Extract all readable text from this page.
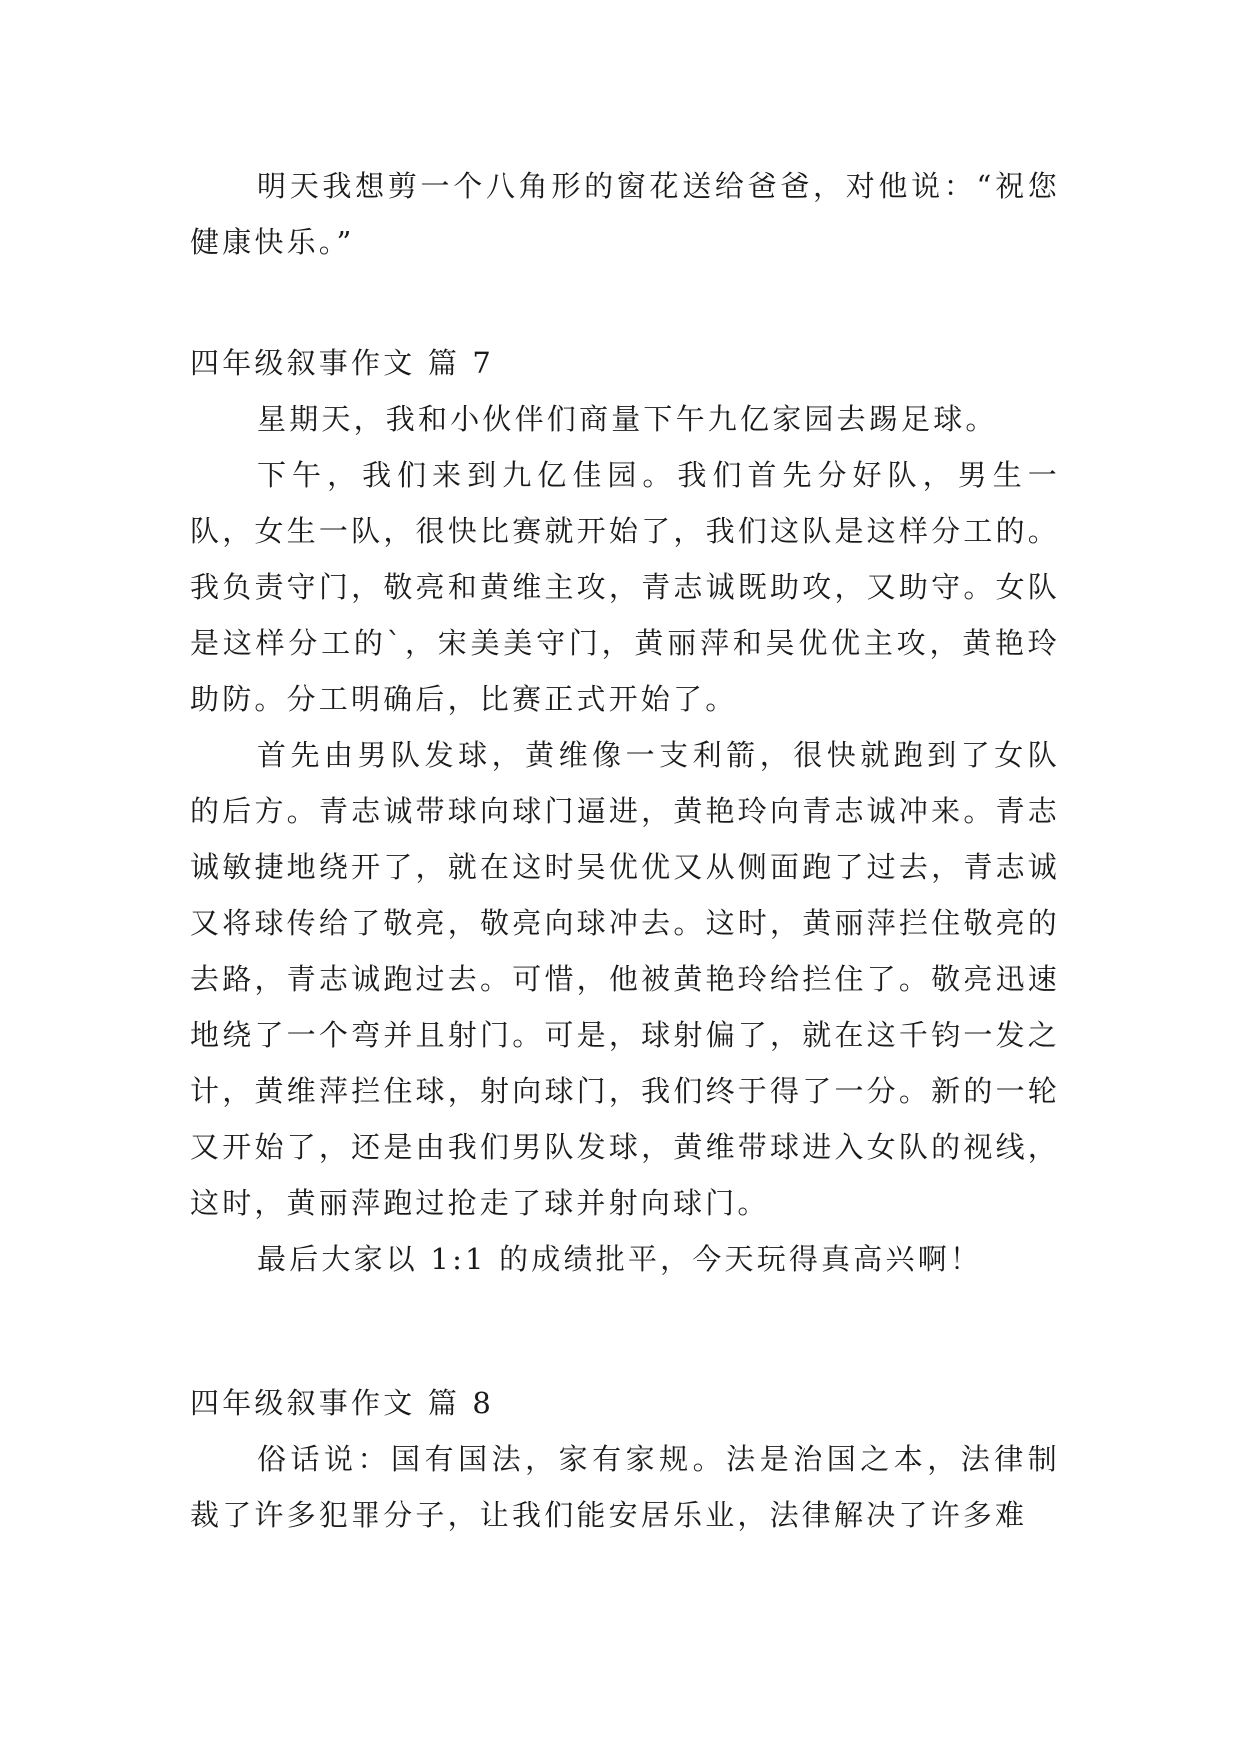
明天我想剪一个八角形的窗花送给爸爸，对他说：“祝您健康快乐。”

四年级叙事作文 篇 7

星期天，我和小伙伴们商量下午九亿家园去踢足球。

下午，我们来到九亿佳园。我们首先分好队，男生一队，女生一队，很快比赛就开始了，我们这队是这样分工的。我负责守门，敬亮和黄维主攻，青志诚既助攻，又助守。女队是这样分工的`，宋美美守门，黄丽萍和吴优优主攻，黄艳玲助防。分工明确后，比赛正式开始了。

首先由男队发球，黄维像一支利箭，很快就跑到了女队的后方。青志诚带球向球门逼进，黄艳玲向青志诚冲来。青志诚敏捷地绕开了，就在这时吴优优又从侧面跑了过去，青志诚又将球传给了敬亮，敬亮向球冲去。这时，黄丽萍拦住敬亮的去路，青志诚跑过去。可惜，他被黄艳玲给拦住了。敬亮迅速地绕了一个弯并且射门。可是，球射偏了，就在这千钧一发之计，黄维萍拦住球，射向球门，我们终于得了一分。新的一轮又开始了，还是由我们男队发球，黄维带球进入女队的视线，这时，黄丽萍跑过抢走了球并射向球门。

最后大家以 1:1 的成绩批平，今天玩得真高兴啊！

四年级叙事作文 篇 8

俗话说：国有国法，家有家规。法是治国之本，法律制裁了许多犯罪分子，让我们能安居乐业，法律解决了许多难
